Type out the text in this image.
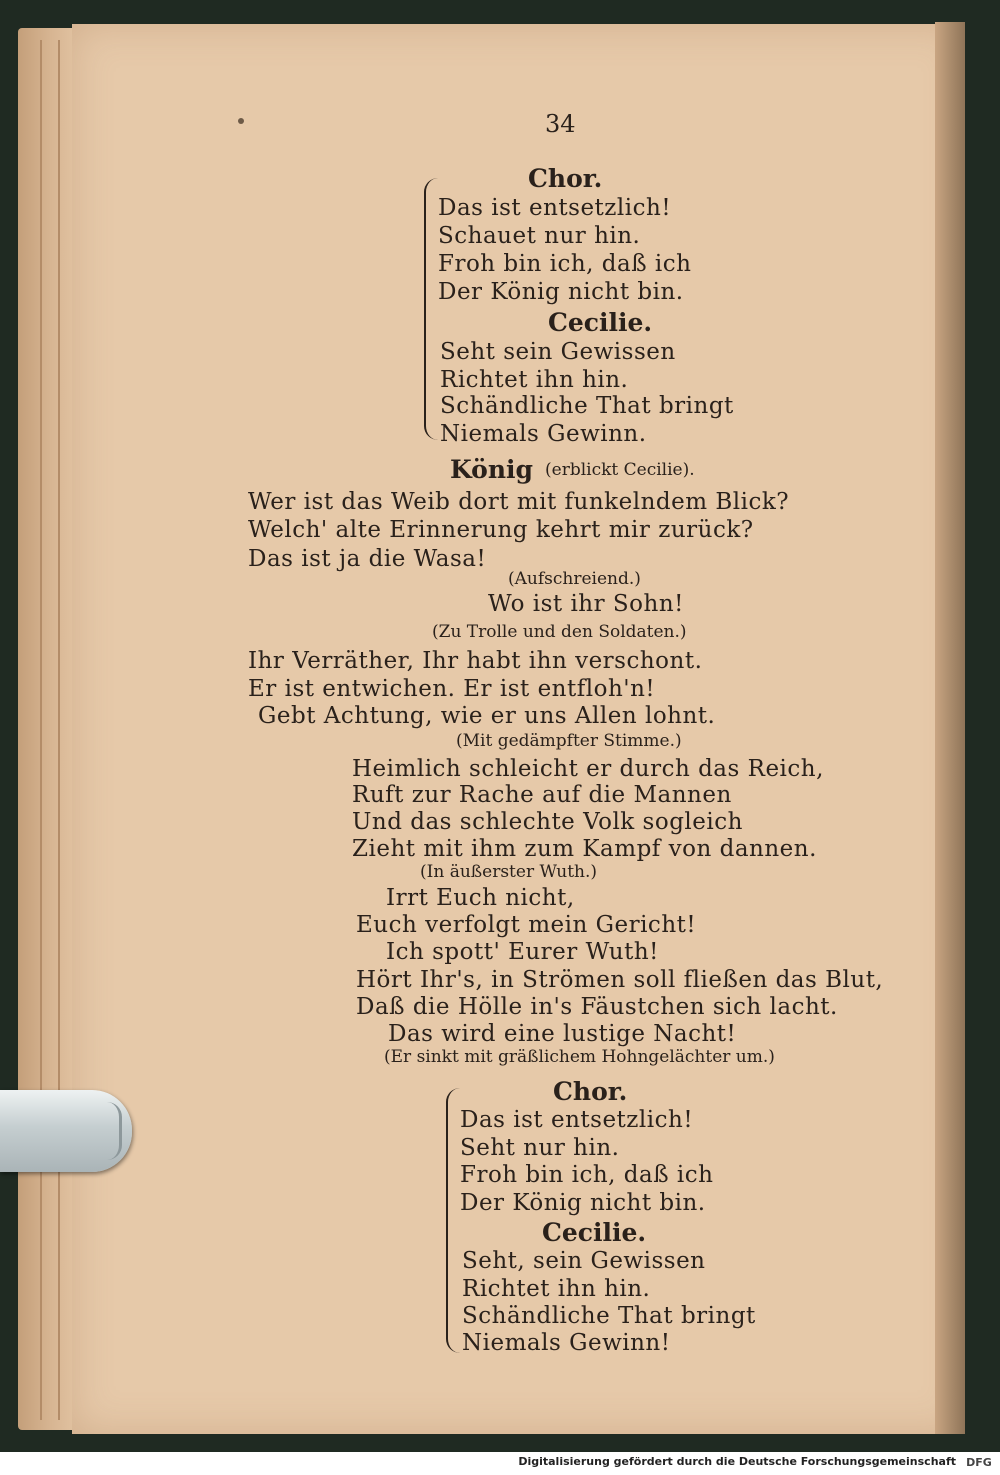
34
Chor.
Das ist entsetzlich!
Schauet nur hin.
Froh bin ich, daß ich
Der König nicht bin.
Cecilie.
Seht sein Gewissen
Richtet ihn hin.
Schändliche That bringt
Niemals Gewinn.
König (erblickt Cecilie).
Wer ist das Weib dort mit funkelndem Blick?
Welch' alte Erinnerung kehrt mir zurück?
Das ist ja die Wasa!
(Aufschreiend.)
Wo ist ihr Sohn!
(Zu Trolle und den Soldaten.)
Ihr Verräther, Ihr habt ihn verschont.
Er ist entwichen. Er ist entfloh'n!
Gebt Achtung, wie er uns Allen lohnt.
(Mit gedämpfter Stimme.)
Heimlich schleicht er durch das Reich,
Ruft zur Rache auf die Mannen
Und das schlechte Volk sogleich
Zieht mit ihm zum Kampf von dannen.
(In äußerster Wuth.)
Irrt Euch nicht,
Euch verfolgt mein Gericht!
Ich spott' Eurer Wuth!
Hört Ihr's, in Strömen soll fließen das Blut,
Daß die Hölle in's Fäustchen sich lacht.
Das wird eine lustige Nacht!
(Er sinkt mit gräßlichem Hohngelächter um.)
Chor.
Das ist entsetzlich!
Seht nur hin.
Froh bin ich, daß ich
Der König nicht bin.
Cecilie.
Seht, sein Gewissen
Richtet ihn hin.
Schändliche That bringt
Niemals Gewinn!
Digitalisierung gefördert durch die Deutsche Forschungsgemeinschaft DFG
